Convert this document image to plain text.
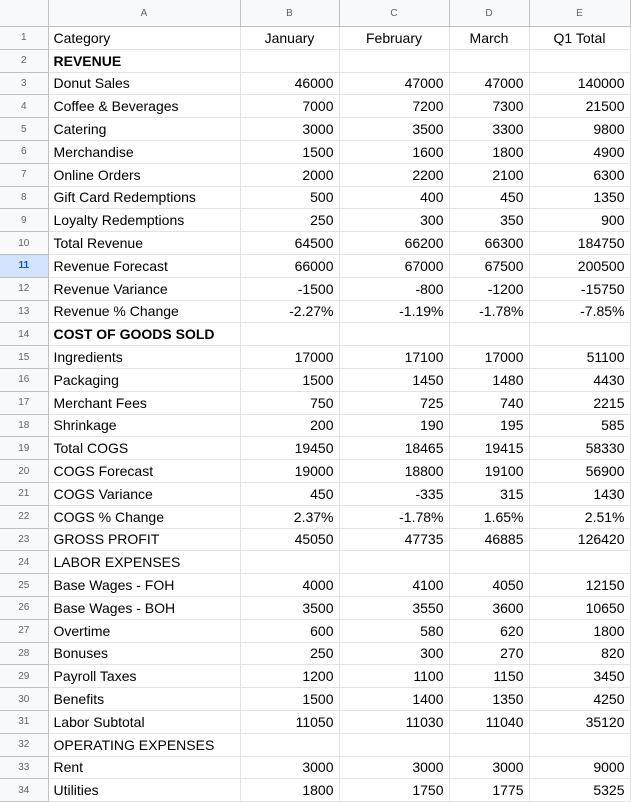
	A	B	C	D	E
1	Category	January	February	March	Q1 Total
2	REVENUE				
3	Donut Sales	46000	47000	47000	140000
4	Coffee & Beverages	7000	7200	7300	21500
5	Catering	3000	3500	3300	9800
6	Merchandise	1500	1600	1800	4900
7	Online Orders	2000	2200	2100	6300
8	Gift Card Redemptions	500	400	450	1350
9	Loyalty Redemptions	250	300	350	900
10	Total Revenue	64500	66200	66300	184750
11	Revenue Forecast	66000	67000	67500	200500
12	Revenue Variance	-1500	-800	-1200	-15750
13	Revenue % Change	-2.27%	-1.19%	-1.78%	-7.85%
14	COST OF GOODS SOLD				
15	Ingredients	17000	17100	17000	51100
16	Packaging	1500	1450	1480	4430
17	Merchant Fees	750	725	740	2215
18	Shrinkage	200	190	195	585
19	Total COGS	19450	18465	19415	58330
20	COGS Forecast	19000	18800	19100	56900
21	COGS Variance	450	-335	315	1430
22	COGS % Change	2.37%	-1.78%	1.65%	2.51%
23	GROSS PROFIT	45050	47735	46885	126420
24	LABOR EXPENSES				
25	Base Wages - FOH	4000	4100	4050	12150
26	Base Wages - BOH	3500	3550	3600	10650
27	Overtime	600	580	620	1800
28	Bonuses	250	300	270	820
29	Payroll Taxes	1200	1100	1150	3450
30	Benefits	1500	1400	1350	4250
31	Labor Subtotal	11050	11030	11040	35120
32	OPERATING EXPENSES				
33	Rent	3000	3000	3000	9000
34	Utilities	1800	1750	1775	5325
